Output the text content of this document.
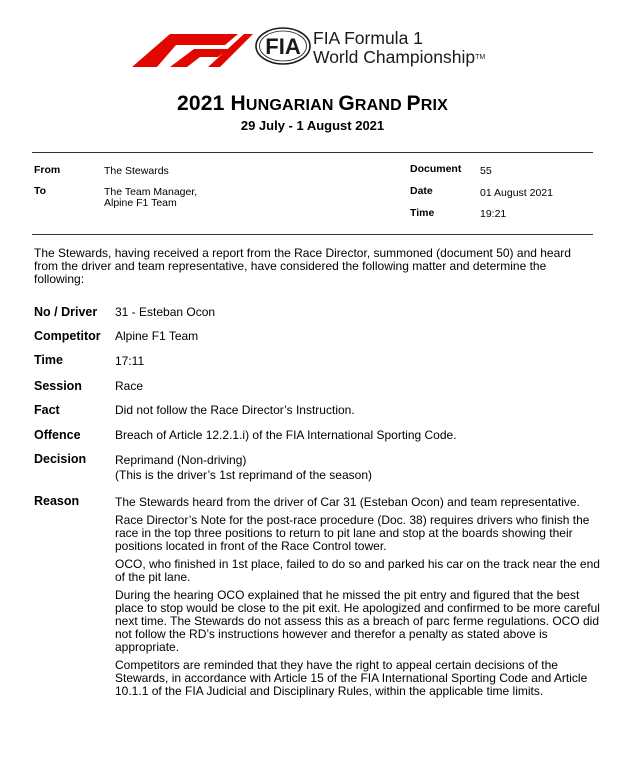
FIA FIA Formula 1
World ChampionshipTM
2021 HUNGARIAN GRAND PRIX
29 July - 1 August 2021
From	The Stewards
To	The Team Manager,
Alpine F1 Team
Document 55
Date	01 August 2021
Time	19:21
The Stewards, having received a report from the Race Director, summoned (document 50) and heard from the driver and team representative, have considered the following matter and determine the following:
No / Driver 31 - Esteban Ocon
Competitor Alpine F1 Team
Time	17:11
Session	Race
Fact	Did not follow the Race Director’s Instruction.
Offence	Breach of Article 12.2.1.i) of the FIA International Sporting Code.
Decision Reprimand (Non-driving)
(This is the driver’s 1st reprimand of the season)
Reason	The Stewards heard from the driver of Car 31 (Esteban Ocon) and team representative.

Race Director’s Note for the post-race procedure (Doc. 38) requires drivers who finish the race in the top three positions to return to pit lane and stop at the boards showing their positions located in front of the Race Control tower.

OCO, who finished in 1st place, failed to do so and parked his car on the track near the end of the pit lane.

During the hearing OCO explained that he missed the pit entry and figured that the best place to stop would be close to the pit exit. He apologized and confirmed to be more careful next time. The Stewards do not assess this as a breach of parc ferme regulations. OCO did not follow the RD’s instructions however and therefor a penalty as stated above is appropriate.

Competitors are reminded that they have the right to appeal certain decisions of the Stewards, in accordance with Article 15 of the FIA International Sporting Code and Article 10.1.1 of the FIA Judicial and Disciplinary Rules, within the applicable time limits.
